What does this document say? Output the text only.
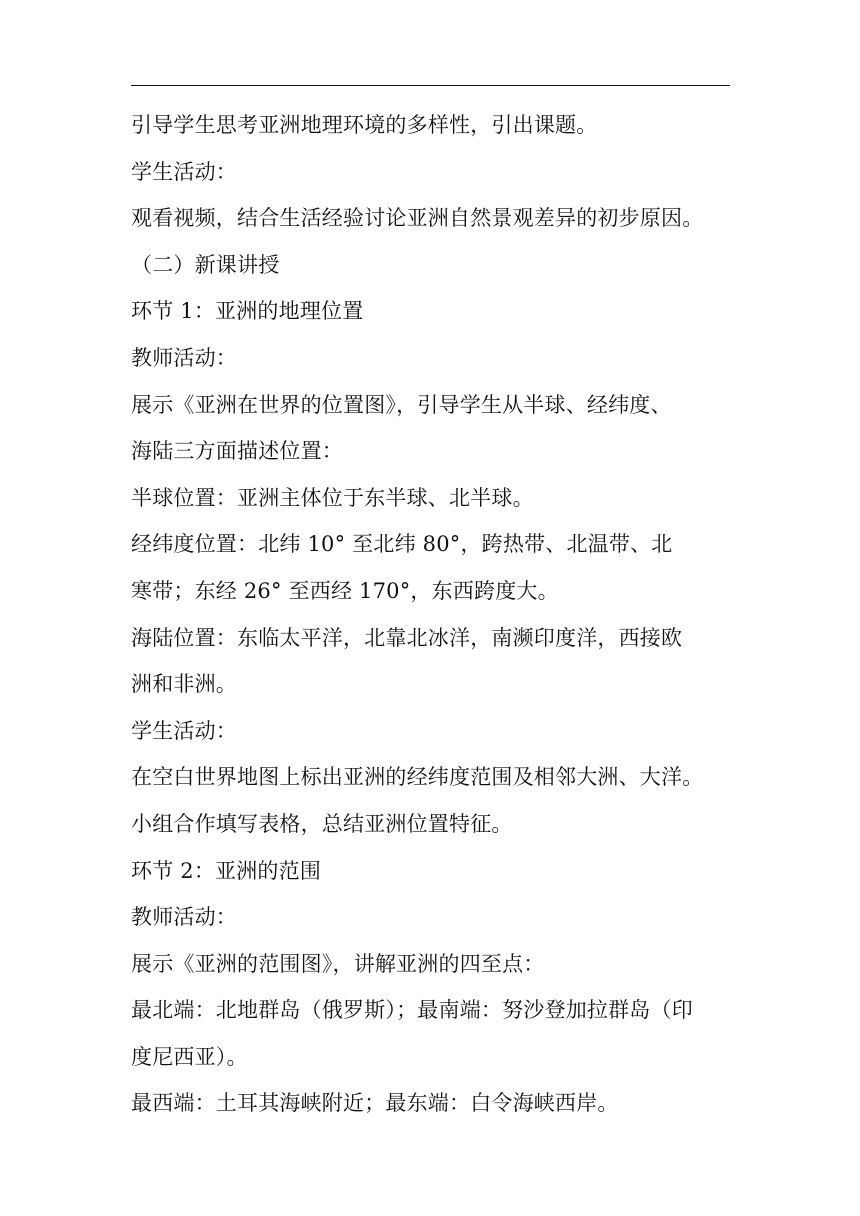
引导学生思考亚洲地理环境的多样性，引出课题。
学生活动：
观看视频，结合生活经验讨论亚洲自然景观差异的初步原因。
（二）新课讲授
环节 1：亚洲的地理位置
教师活动：
展示《亚洲在世界的位置图》，引导学生从半球、经纬度、
海陆三方面描述位置：
半球位置：亚洲主体位于东半球、北半球。
经纬度位置：北纬 10° 至北纬 80°，跨热带、北温带、北
寒带；东经 26° 至西经 170°，东西跨度大。
海陆位置：东临太平洋，北靠北冰洋，南濒印度洋，西接欧
洲和非洲。
学生活动：
在空白世界地图上标出亚洲的经纬度范围及相邻大洲、大洋。
小组合作填写表格，总结亚洲位置特征。
环节 2：亚洲的范围
教师活动：
展示《亚洲的范围图》，讲解亚洲的四至点：
最北端：北地群岛（俄罗斯）；最南端：努沙登加拉群岛（印
度尼西亚）。
最西端：土耳其海峡附近；最东端：白令海峡西岸。
